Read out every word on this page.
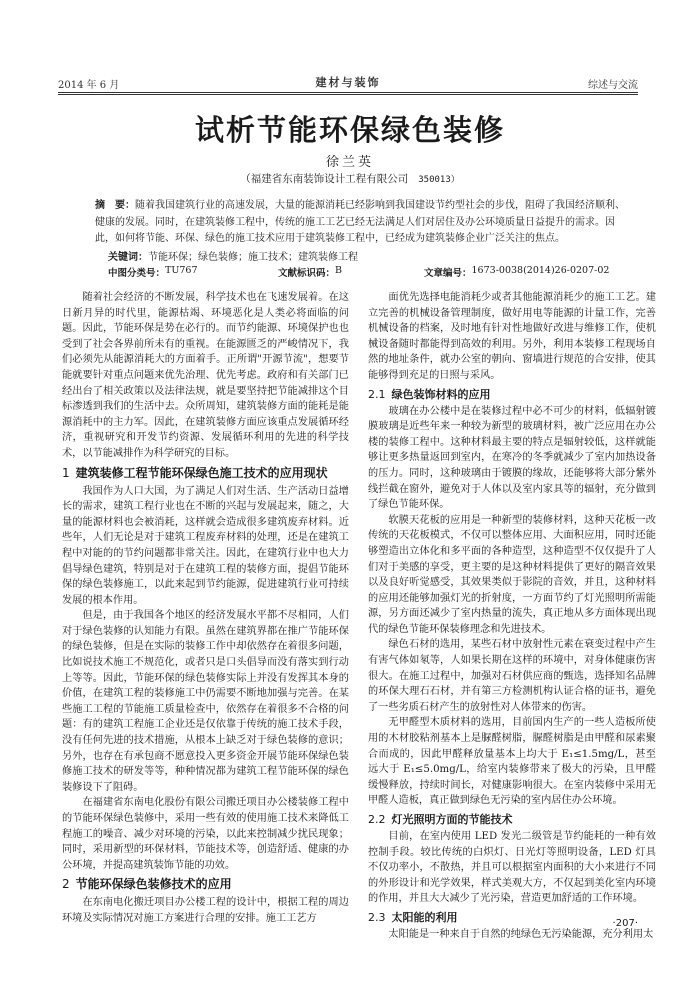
2014 年 6 月	建材与装饰	综述与交流
试析节能环保绿色装修
徐兰英
（福建省东南装饰设计工程有限公司 350013）
摘　要：随着我国建筑行业的高速发展，大量的能源消耗已经影响到我国建设节约型社会的步伐，阻碍了我国经济顺利、健康的发展。同时，在建筑装修工程中，传统的施工工艺已经无法满足人们对居住及办公环境质量日益提升的需求。因此，如何将节能、环保、绿色的施工技术应用于建筑装修工程中，已经成为建筑装修企业广泛关注的焦点。
关键词：节能环保；绿色装修；施工技术；建筑装修工程
中图分类号： TU767	文献标识码： B	文章编号： 1673-0038(2014)26-0207-02

随着社会经济的不断发展，科学技术也在飞速发展着。在这日新月异的时代里，能源枯竭、环境恶化是人类必将面临的问题。因此，节能环保是势在必行的。而节约能源、环境保护也也受到了社会各界前所未有的重视。在能源匮乏的严峻情况下，我们必须先从能源消耗大的方面着手。正所谓"开源节流"，想要节能就要针对重点问题来优先治理、优先考虑。政府和有关部门已经出台了相关政策以及法律法规，就是要坚持把节能减排这个目标渗透到我们的生活中去。众所周知，建筑装修方面的能耗是能源消耗中的主力军。因此，在建筑装修方面应该重点发展循环经济，重视研究和开发节约资源、发展循环利用的先进的科学技术，以节能减排作为科学研究的目标。

1 建筑装修工程节能环保绿色施工技术的应用现状

我国作为人口大国，为了满足人们对生活、生产活动日益增长的需求，建筑工程行业也在不断的兴起与发展起来，随之，大量的能源材料也会被消耗，这样就会造成很多建筑废弃材料。近些年，人们无论是对于建筑工程废弃材料的处理，还是在建筑工程中对能的的节约问题都非常关注。因此，在建筑行业中也大力倡导绿色建筑，特别是对于在建筑工程的装修方面，提倡节能环保的绿色装修施工，以此来起到节约能源，促进建筑行业可持续发展的根本作用。

但是，由于我国各个地区的经济发展水平都不尽相同，人们对于绿色装修的认知能力有限。虽然在建筑界都在推广节能环保的绿色装修，但是在实际的装修工作中却依然存在着很多问题，比如说技术施工不规范化，或者只是口头倡导而没有落实到行动上等等。因此，节能环保的绿色装修实际上并没有发挥其本身的价值，在建筑工程的装修施工中仍需要不断地加强与完善。在某些施工工程的节能施工质量检查中，依然存在着很多不合格的问题：有的建筑工程施工企业还是仅依靠于传统的施工技术手段，没有任何先进的技术措施，从根本上缺乏对于绿色装修的意识；另外，也存在有承包商不愿意投入更多资金开展节能环保绿色装修施工技术的研发等等，种种情况都为建筑工程节能环保的绿色装修设下了阻碍。

在福建省东南电化股份有限公司搬迁项目办公楼装修工程中的节能环保绿色装修中，采用一些有效的使用施工技术来降低工程施工的噪音、减少对环境的污染，以此来控制减少扰民现象；同时，采用新型的环保材料，节能技术等，创造舒适、健康的办公环境，并提高建筑装饰节能的功效。

2 节能环保绿色装修技术的应用

在东南电化搬迁项目办公楼工程的设计中，根据工程的周边环境及实际情况对施工方案进行合理的安排。施工工艺方

面优先选择电能消耗少或者其他能源消耗少的施工工艺。建立完善的机械设备管理制度，做好用电等能源的计量工作，完善机械设备的档案，及时地有针对性地做好改进与维修工作，使机械设备随时都能得到高效的利用。另外，利用本装修工程现场自然的地址条件，就办公室的朝向、窗墙进行规范的合安排，使其能够得到充足的日照与采风。

2.1 绿色装饰材料的应用

玻璃在办公楼中是在装修过程中必不可少的材料，低辐射镀膜玻璃是近些年来一种较为新型的玻璃材料，被广泛应用在办公楼的装修工程中。这种材料最主要的特点是辐射较低，这样就能够让更多热量返回到室内，在寒冷的冬季就减少了室内加热设备的压力。同时，这种玻璃由于镀膜的缘故，还能够将大部分紫外线拦截在窗外，避免对于人体以及室内家具等的辐射，充分做到了绿色节能环保。

软膜天花板的应用是一种新型的装修材料，这种天花板一改传统的天花板模式，不仅可以整体应用、大面积应用，同时还能够塑造出立体化和多平面的各种造型，这种造型不仅仅提升了人们对于美感的享受，更主要的是这种材料提供了更好的隔音效果以及良好听觉感受，其效果类似于影院的音效，并且，这种材料的应用还能够加强灯光的折射度，一方面节约了灯光照明所需能源，另方面还减少了室内热量的流失，真正地从多方面体现出现代的绿色节能环保装修理念和先进技术。

绿色石材的选用，某些石材中放射性元素在衰变过程中产生有害气体如氡等，人如果长期在这样的环境中，对身体健康伤害很大。在施工过程中，加强对石材供应商的甄选，选择知名品牌的环保大理石石材，并有第三方检测机构认证合格的证书，避免了一些劣质石材产生的放射性对人体带来的伤害。

无甲醛型木质材料的选用，目前国内生产的一些人造板所使用的木材胶粘剂基本上是脲醛树脂，脲醛树脂是由甲醛和尿素聚合而成的，因此甲醛释放量基本上均大于 E₁≤1.5mg/L，甚至远大于 E₁≤5.0mg/L，给室内装修带来了极大的污染，且甲醛缓慢释放，持续时间长，对健康影响很大。在室内装修中采用无甲醛人造板，真正做到绿色无污染的室内居住办公环境。

2.2 灯光照明方面的节能技术

目前，在室内使用 LED 发光二级管是节约能耗的一种有效控制手段。较比传统的白炽灯、日光灯等照明设备，LED 灯具不仅功率小，不散热，并且可以根据室内面积的大小来进行不同的外形设计和光学效果，样式美观大方，不仅起到美化室内环境的作用，并且大大减少了光污染，营造更加舒适的工作环境。

2.3 太阳能的利用

太阳能是一种来自于自然的纯绿色无污染能源，充分利用太

·207·
